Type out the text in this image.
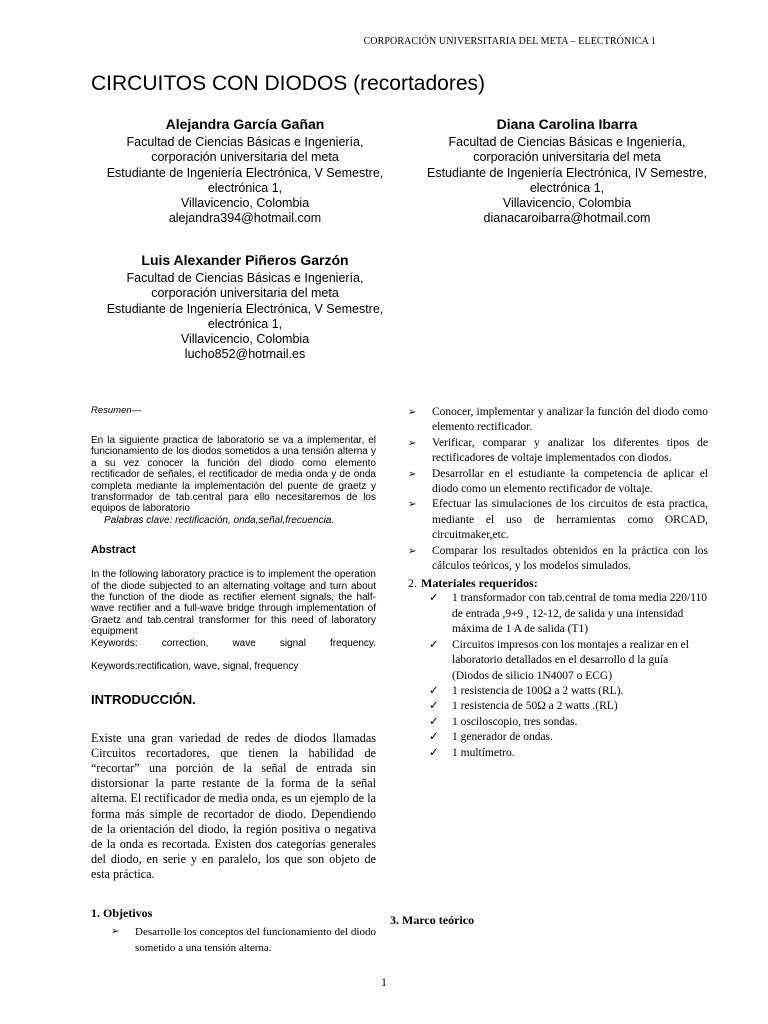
CORPORACIÓN UNIVERSITARIA DEL META – ELECTRÓNICA 1
CIRCUITOS CON DIODOS (recortadores)
Alejandra García Gañan
Facultad de Ciencias Básicas e Ingeniería,
corporación universitaria del meta
Estudiante de Ingeniería Electrónica, V Semestre,
electrónica 1,
Villavicencio, Colombia
alejandra394@hotmail.com
Diana Carolina Ibarra
Facultad de Ciencias Básicas e Ingeniería,
corporación universitaria del meta
Estudiante de Ingeniería Electrónica, IV Semestre,
electrónica 1,
Villavicencio, Colombia
dianacaroibarra@hotmail.com
Luis Alexander Piñeros Garzón
Facultad de Ciencias Básicas e Ingeniería,
corporación universitaria del meta
Estudiante de Ingeniería Electrónica, V Semestre,
electrónica 1,
Villavicencio, Colombia
lucho852@hotmail.es
Resumen—
En la siguiente practica de laboratorio se va a implementar, el funcionamiento de los diodos sometidos a una tensión alterna y a su vez conocer la función del diodo como elemento rectificador de señales, el rectificador de media onda y de onda completa mediante la implementación del puente de graetz y transformador de tab.central para ello necesitaremos de los equipos de laboratorio
Palabras clave: rectificación, onda,señal,frecuencia.
Abstract
In the following laboratory practice is to implement the operation of the diode subjected to an alternating voltage and turn about the function of the diode as rectifier element signals, the half-wave rectifier and a full-wave bridge through implementation of Graetz and tab.central transformer for this need of laboratory equipment
Keywords: correction, wave signal frequency.
Keywords:rectification, wave, signal, frequency
INTRODUCCIÓN.
Existe una gran variedad de redes de diodos llamadas Circuitos recortadores, que tienen la habilidad de “recortar” una porción de la señal de entrada sin distorsionar la parte restante de la forma de la señal alterna. El rectificador de media onda, es un ejemplo de la forma más simple de recortador de diodo. Dependiendo de la orientación del diodo, la región positiva o negativa de la onda es recortada. Existen dos categorías generales del diodo, en serie y en paralelo, los que son objeto de esta práctica.
1. Objetivos
➢	Desarrolle los conceptos del funcionamiento del diodo sometido a una tensión alterna.
➢	Conocer, implementar y analizar la función del diodo como elemento rectificador.
➢	Verificar, comparar y analizar los diferentes tipos de rectificadores de voltaje implementados con diodos.
➢	Desarrollar en el estudiante la competencia de aplicar el diodo como un elemento rectificador de voltaje.
➢	Efectuar las simulaciones de los circuitos de esta practica, mediante el uso de herramientas como ORCAD, circuitmaker,etc.
➢	Comparar los resultados obtenidos en la práctica con los cálculos teóricos, y los modelos simulados.
2. Materiales requeridos:
✓	1 transformador con tab.central de toma media 220/110 de entrada ,9+9 , 12-12, de salida y una intensidad máxima de 1 A de salida (T1)
✓	Circuitos impresos con los montajes a realizar en el laboratorio detallados en el desarrollo d la guía (Diodos de silicio 1N4007 o ECG)
✓	1 resistencia de 100Ω a 2 watts (RL).
✓	1 resistencia de 50Ω a 2 watts .(RL)
✓	1 osciloscopio, tres sondas.
✓	1 generador de ondas.
✓	1 multímetro.
3. Marco teórico
1
